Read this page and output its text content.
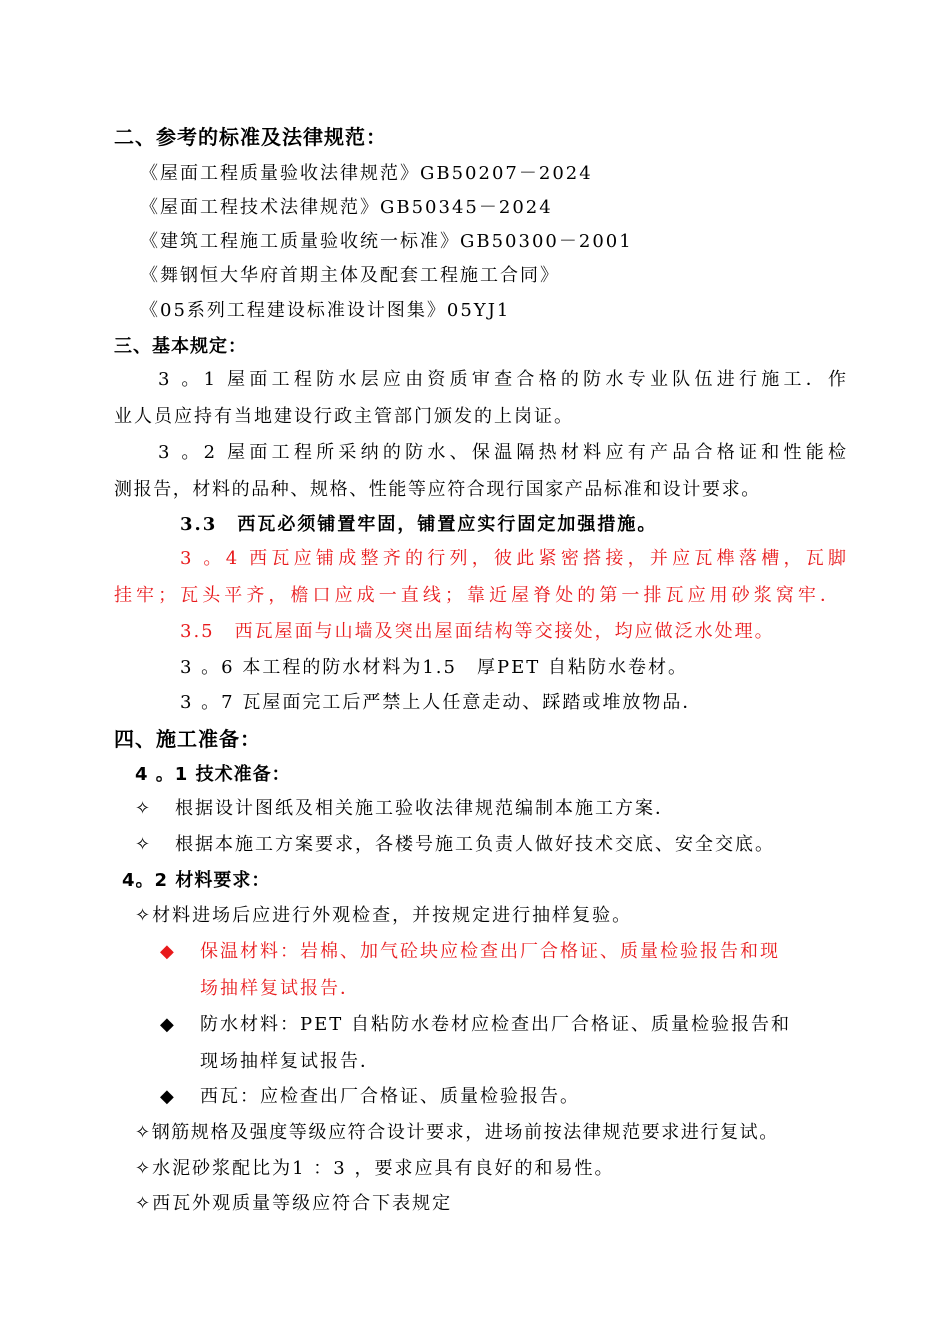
二、参考的标准及法律规范：
《屋面工程质量验收法律规范》GB50207－2024
《屋面工程技术法律规范》GB50345－2024
《建筑工程施工质量验收统一标准》GB50300－2001
《舞钢恒大华府首期主体及配套工程施工合同》
《05系列工程建设标准设计图集》05YJ1
三、基本规定：
3 。1 屋面工程防水层应由资质审查合格的防水专业队伍进行施工．作
业人员应持有当地建设行政主管部门颁发的上岗证。
3 。2 屋面工程所采纳的防水、保温隔热材料应有产品合格证和性能检
测报告，材料的品种、规格、性能等应符合现行国家产品标准和设计要求。
3.3　西瓦必须铺置牢固，铺置应实行固定加强措施。
3 。4 西瓦应铺成整齐的行列，彼此紧密搭接，并应瓦榫落槽，瓦脚
挂牢；瓦头平齐，檐口应成一直线；靠近屋脊处的第一排瓦应用砂浆窝牢．
3.5　西瓦屋面与山墙及突出屋面结构等交接处，均应做泛水处理。
3 。6 本工程的防水材料为1.5　厚PET 自粘防水卷材。
3 。7 瓦屋面完工后严禁上人任意走动、踩踏或堆放物品．
四、施工准备：
4 。1 技术准备：
✧ 根据设计图纸及相关施工验收法律规范编制本施工方案．
✧ 根据本施工方案要求，各楼号施工负责人做好技术交底、安全交底。
4。2 材料要求：
✧材料进场后应进行外观检查，并按规定进行抽样复验。
◆ 保温材料：岩棉、加气砼块应检查出厂合格证、质量检验报告和现
场抽样复试报告．
◆ 防水材料：PET 自粘防水卷材应检查出厂合格证、质量检验报告和
现场抽样复试报告．
◆ 西瓦：应检查出厂合格证、质量检验报告。
✧钢筋规格及强度等级应符合设计要求，进场前按法律规范要求进行复试。
✧水泥砂浆配比为1 ：3 ，要求应具有良好的和易性。
✧西瓦外观质量等级应符合下表规定
